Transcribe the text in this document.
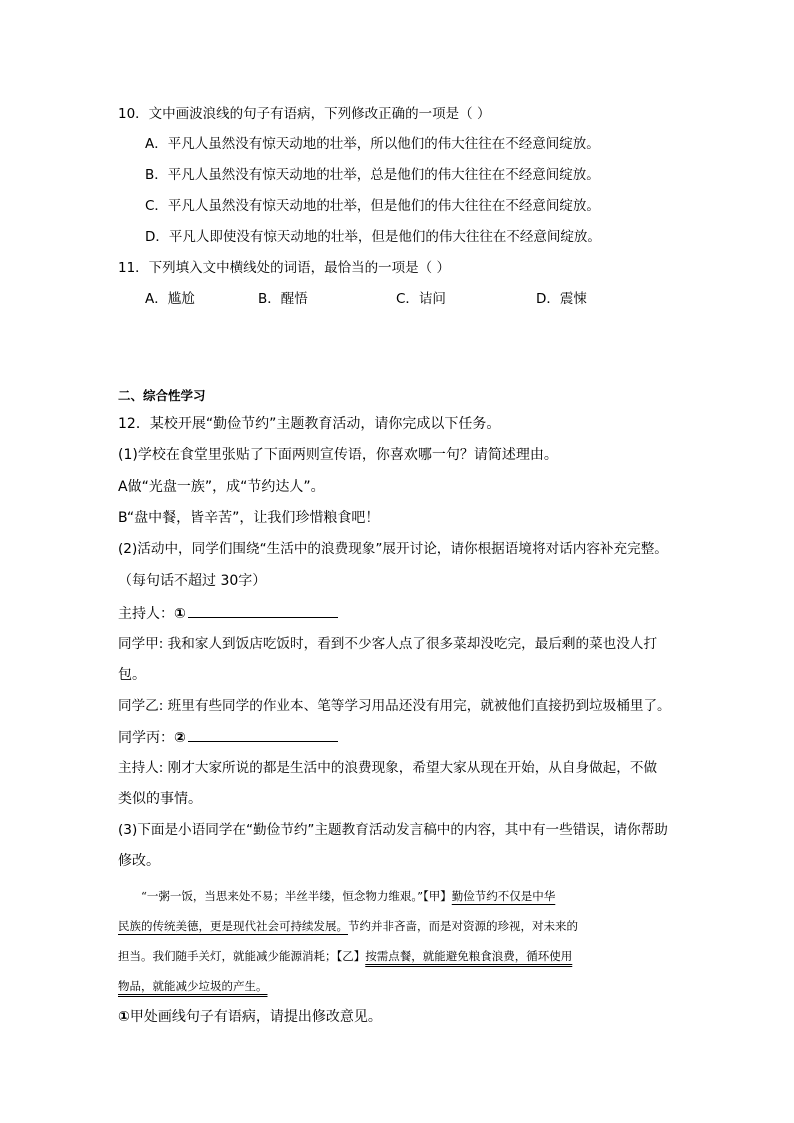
10．文中画波浪线的句子有语病，下列修改正确的一项是（ ）
A．平凡人虽然没有惊天动地的壮举，所以他们的伟大往往在不经意间绽放。
B．平凡人虽然没有惊天动地的壮举，总是他们的伟大往往在不经意间绽放。
C．平凡人虽然没有惊天动地的壮举，但是他们的伟大往往在不经意间绽放。
D．平凡人即使没有惊天动地的壮举，但是他们的伟大往往在不经意间绽放。
11．下列填入文中横线处的词语，最恰当的一项是（ ）
A．尴尬	B．醒悟	C．诘问	D．震悚
二、综合性学习
12．某校开展“勤俭节约”主题教育活动，请你完成以下任务。
(1)学校在食堂里张贴了下面两则宣传语，你喜欢哪一句？请简述理由。
A做“光盘一族”，成“节约达人”。
B“盘中餐，皆辛苦”，让我们珍惜粮食吧！
(2)活动中，同学们围绕“生活中的浪费现象”展开讨论，请你根据语境将对话内容补充完整。
（每句话不超过 30字）
主持人：①
同学甲: 我和家人到饭店吃饭时，看到不少客人点了很多菜却没吃完，最后剩的菜也没人打
包。
同学乙: 班里有些同学的作业本、笔等学习用品还没有用完，就被他们直接扔到垃圾桶里了。
同学丙：②
主持人: 刚才大家所说的都是生活中的浪费现象，希望大家从现在开始，从自身做起，不做
类似的事情。
(3)下面是小语同学在“勤俭节约”主题教育活动发言稿中的内容，其中有一些错误，请你帮助
修改。
　　“一粥一饭，当思来处不易；半丝半缕，恒念物力维艰。”【甲】勤俭节约不仅是中华
民族的传统美德，更是现代社会可持续发展。节约并非吝啬，而是对资源的珍视，对未来的
担当。我们随手关灯，就能减少能源消耗；【乙】按需点餐，就能避免粮食浪费，循环使用
物品，就能减少垃圾的产生。
①甲处画线句子有语病，请提出修改意见。
